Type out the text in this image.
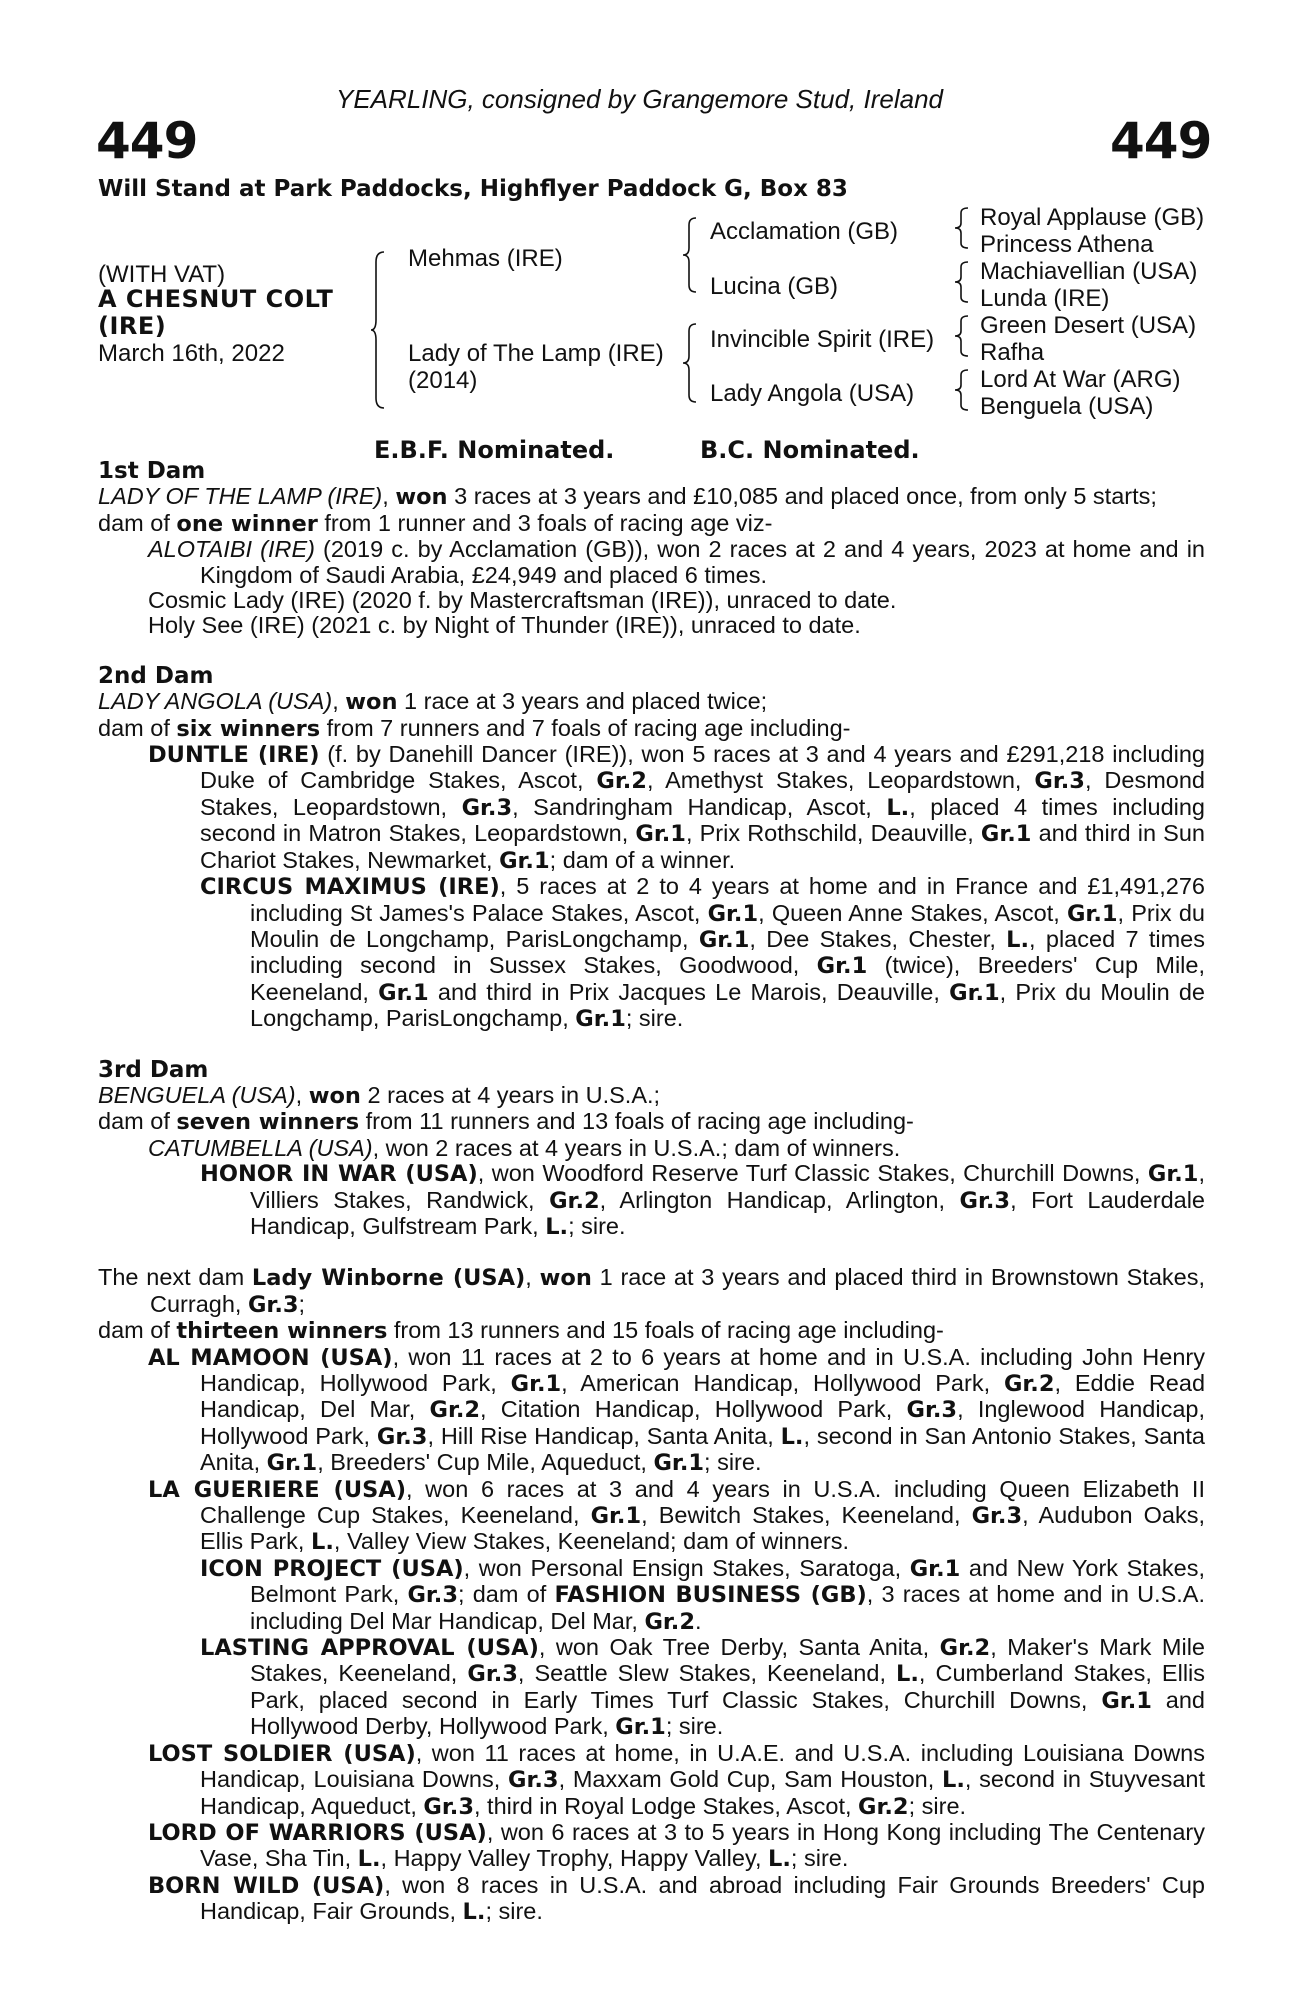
YEARLING, consigned by Grangemore Stud, Ireland
449	449
Will Stand at Park Paddocks, Highflyer Paddock G, Box 83
(WITH VAT)
A CHESNUT COLT
(IRE)
March 16th, 2022
Mehmas (IRE)
Lady of The Lamp (IRE)
(2014)
Acclamation (GB)
Lucina (GB)
Invincible Spirit (IRE)
Lady Angola (USA)
Royal Applause (GB)
Princess Athena
Machiavellian (USA)
Lunda (IRE)
Green Desert (USA)
Rafha
Lord At War (ARG)
Benguela (USA)
E.B.F. Nominated.	B.C. Nominated.

1st Dam

LADY OF THE LAMP (IRE), won 3 races at 3 years and £10,085 and placed once, from only 5 starts;

dam of one winner from 1 runner and 3 foals of racing age viz-

ALOTAIBI (IRE) (2019 c. by Acclamation (GB)), won 2 races at 2 and 4 years, 2023 at home and in Kingdom of Saudi Arabia, £24,949 and placed 6 times.

Cosmic Lady (IRE) (2020 f. by Mastercraftsman (IRE)), unraced to date.

Holy See (IRE) (2021 c. by Night of Thunder (IRE)), unraced to date.

2nd Dam

LADY ANGOLA (USA), won 1 race at 3 years and placed twice;

dam of six winners from 7 runners and 7 foals of racing age including-

DUNTLE (IRE) (f. by Danehill Dancer (IRE)), won 5 races at 3 and 4 years and £291,218 including Duke of Cambridge Stakes, Ascot, Gr.2, Amethyst Stakes, Leopardstown, Gr.3, Desmond Stakes, Leopardstown, Gr.3, Sandringham Handicap, Ascot, L., placed 4 times including second in Matron Stakes, Leopardstown, Gr.1, Prix Rothschild, Deauville, Gr.1 and third in Sun Chariot Stakes, Newmarket, Gr.1; dam of a winner.

CIRCUS MAXIMUS (IRE), 5 races at 2 to 4 years at home and in France and £1,491,276 including St James's Palace Stakes, Ascot, Gr.1, Queen Anne Stakes, Ascot, Gr.1, Prix du Moulin de Longchamp, ParisLongchamp, Gr.1, Dee Stakes, Chester, L., placed 7 times including second in Sussex Stakes, Goodwood, Gr.1 (twice), Breeders' Cup Mile, Keeneland, Gr.1 and third in Prix Jacques Le Marois, Deauville, Gr.1, Prix du Moulin de Longchamp, ParisLongchamp, Gr.1; sire.

3rd Dam

BENGUELA (USA), won 2 races at 4 years in U.S.A.;

dam of seven winners from 11 runners and 13 foals of racing age including-

CATUMBELLA (USA), won 2 races at 4 years in U.S.A.; dam of winners.

HONOR IN WAR (USA), won Woodford Reserve Turf Classic Stakes, Churchill Downs, Gr.1, Villiers Stakes, Randwick, Gr.2, Arlington Handicap, Arlington, Gr.3, Fort Lauderdale Handicap, Gulfstream Park, L.; sire.

The next dam Lady Winborne (USA), won 1 race at 3 years and placed third in Brownstown Stakes, Curragh, Gr.3;

dam of thirteen winners from 13 runners and 15 foals of racing age including-

AL MAMOON (USA), won 11 races at 2 to 6 years at home and in U.S.A. including John Henry Handicap, Hollywood Park, Gr.1, American Handicap, Hollywood Park, Gr.2, Eddie Read Handicap, Del Mar, Gr.2, Citation Handicap, Hollywood Park, Gr.3, Inglewood Handicap, Hollywood Park, Gr.3, Hill Rise Handicap, Santa Anita, L., second in San Antonio Stakes, Santa Anita, Gr.1, Breeders' Cup Mile, Aqueduct, Gr.1; sire.

LA GUERIERE (USA), won 6 races at 3 and 4 years in U.S.A. including Queen Elizabeth II Challenge Cup Stakes, Keeneland, Gr.1, Bewitch Stakes, Keeneland, Gr.3, Audubon Oaks, Ellis Park, L., Valley View Stakes, Keeneland; dam of winners.

ICON PROJECT (USA), won Personal Ensign Stakes, Saratoga, Gr.1 and New York Stakes, Belmont Park, Gr.3; dam of FASHION BUSINESS (GB), 3 races at home and in U.S.A. including Del Mar Handicap, Del Mar, Gr.2.

LASTING APPROVAL (USA), won Oak Tree Derby, Santa Anita, Gr.2, Maker's Mark Mile Stakes, Keeneland, Gr.3, Seattle Slew Stakes, Keeneland, L., Cumberland Stakes, Ellis Park, placed second in Early Times Turf Classic Stakes, Churchill Downs, Gr.1 and Hollywood Derby, Hollywood Park, Gr.1; sire.

LOST SOLDIER (USA), won 11 races at home, in U.A.E. and U.S.A. including Louisiana Downs Handicap, Louisiana Downs, Gr.3, Maxxam Gold Cup, Sam Houston, L., second in Stuyvesant Handicap, Aqueduct, Gr.3, third in Royal Lodge Stakes, Ascot, Gr.2; sire.

LORD OF WARRIORS (USA), won 6 races at 3 to 5 years in Hong Kong including The Centenary Vase, Sha Tin, L., Happy Valley Trophy, Happy Valley, L.; sire.

BORN WILD (USA), won 8 races in U.S.A. and abroad including Fair Grounds Breeders' Cup Handicap, Fair Grounds, L.; sire.
